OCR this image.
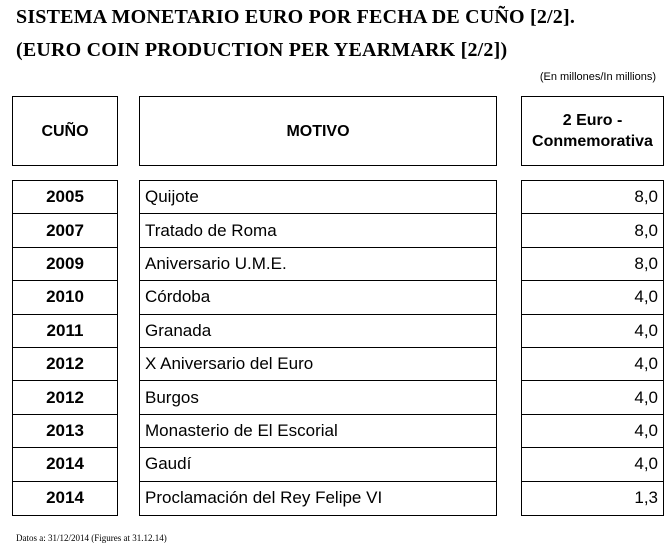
SISTEMA MONETARIO EURO POR FECHA DE CUÑO [2/2].
(EURO COIN PRODUCTION PER YEARMARK [2/2])
(En millones/In millions)
CUÑO	MOTIVO
2 Euro -
Conmemorativa
2005
2007
2009
2010
2011
2012
2012
2013
2014
2014
Quijote
Tratado de Roma
Aniversario U.M.E.
Córdoba
Granada
X Aniversario del Euro
Burgos
Monasterio de El Escorial
Gaudí
Proclamación del Rey Felipe VI
8,0
8,0
8,0
4,0
4,0
4,0
4,0
4,0
4,0
1,3
Datos a: 31/12/2014 (Figures at 31.12.14)
